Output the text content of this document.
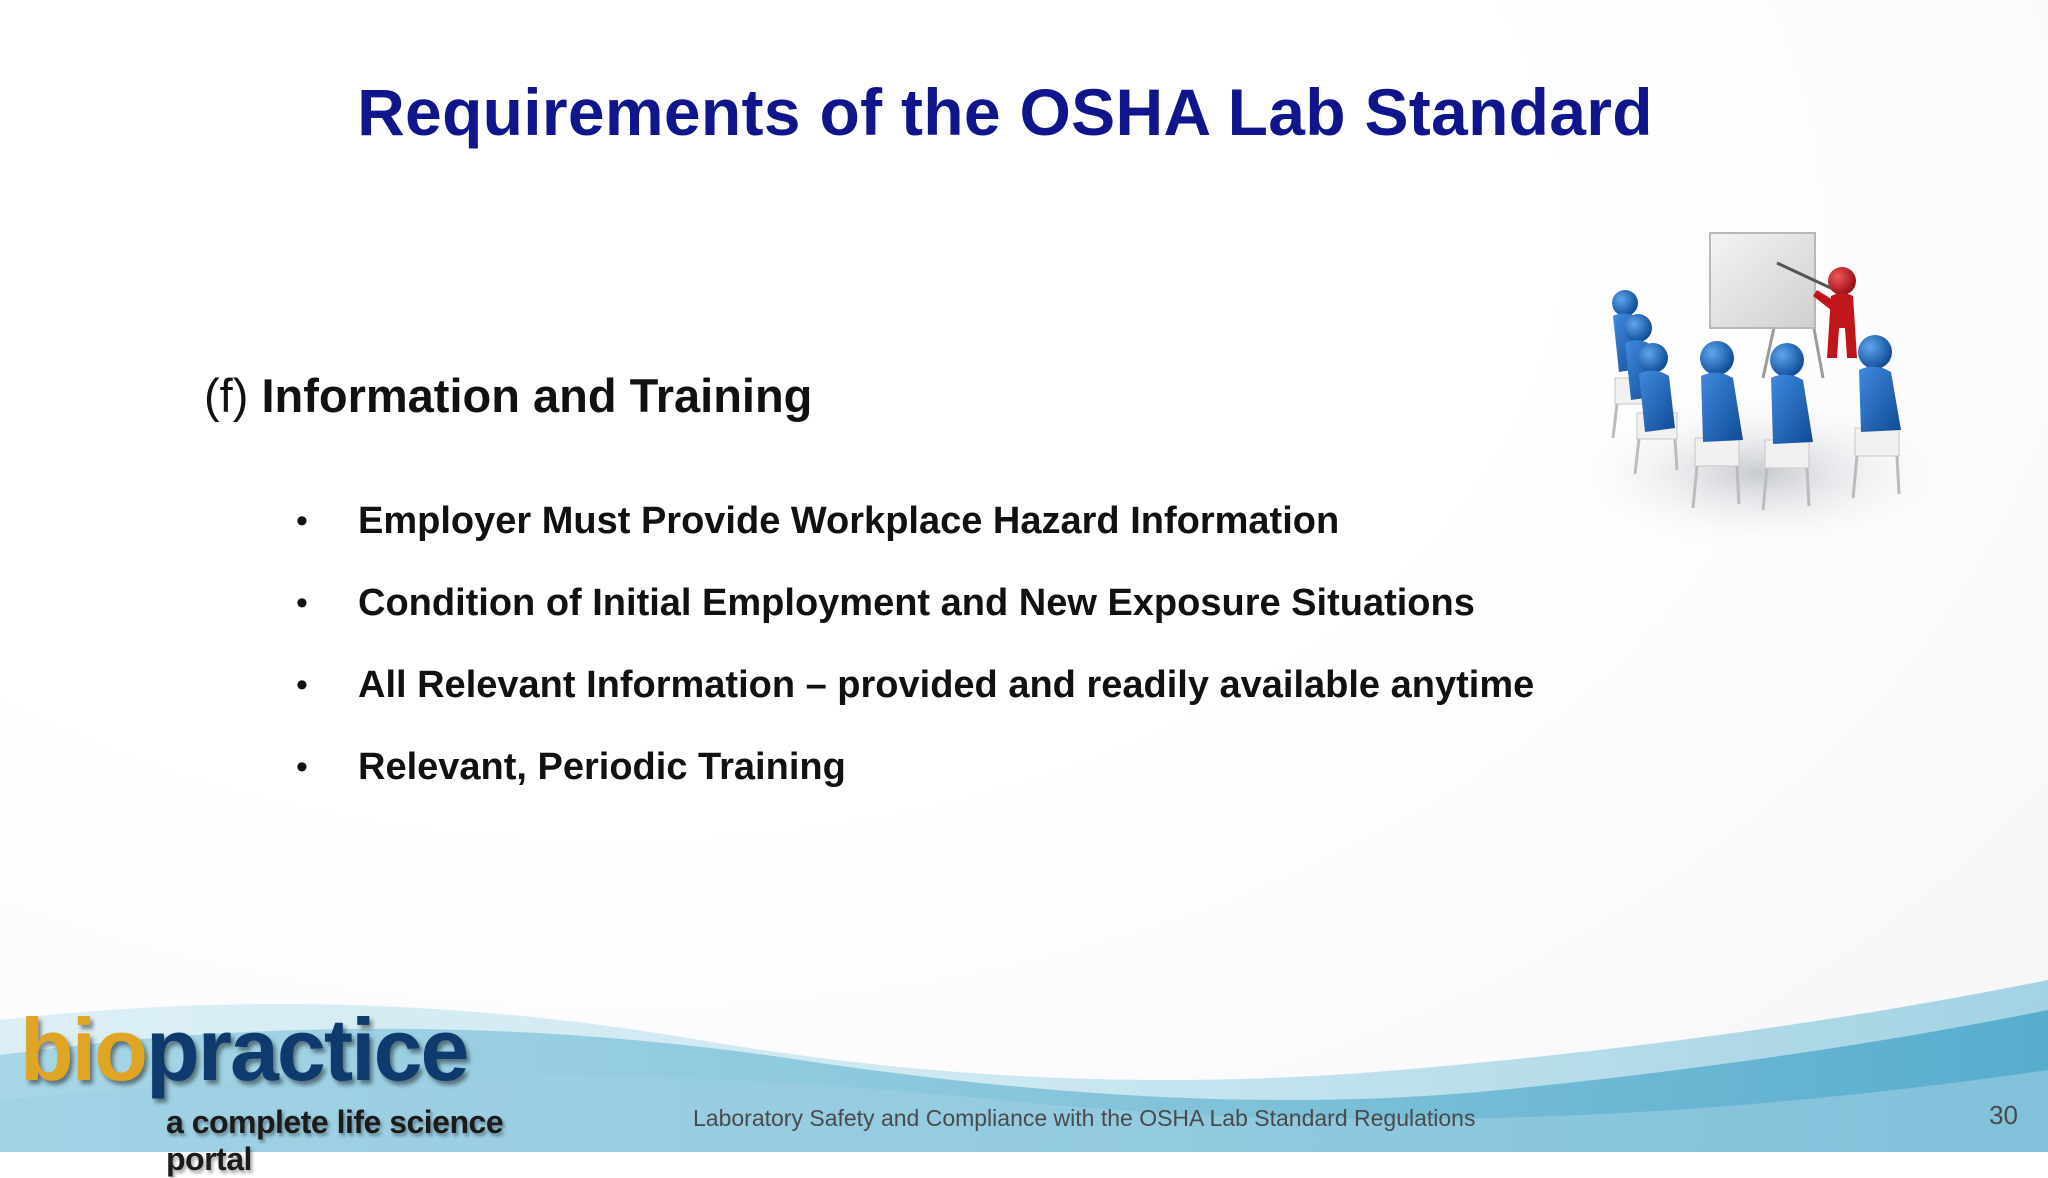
Requirements of the OSHA Lab Standard
(f) Information and Training
•	Employer Must Provide Workplace Hazard Information
•	Condition of Initial Employment and New Exposure Situations
•	All Relevant Information – provided and readily available anytime
•	Relevant, Periodic Training
biopractice
a complete life science portal
Laboratory Safety and Compliance with the OSHA Lab Standard Regulations	30
